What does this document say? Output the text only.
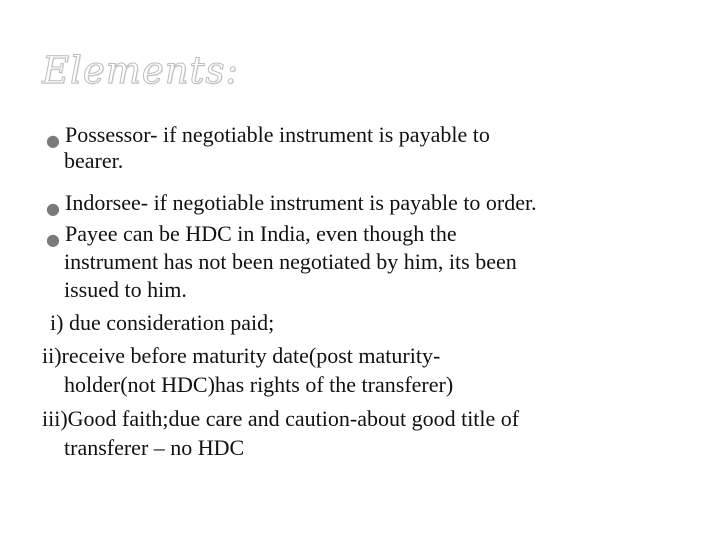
Elements:
● Possessor- if negotiable instrument is payable to
bearer.
● Indorsee- if negotiable instrument is payable to order.
● Payee can be HDC in India, even though the
instrument has not been negotiated by him, its been
issued to him.
i) due consideration paid;
ii)receive before maturity date(post maturity-
holder(not HDC)has rights of the transferer)
iii)Good faith;due care and caution-about good title of
transferer – no HDC
